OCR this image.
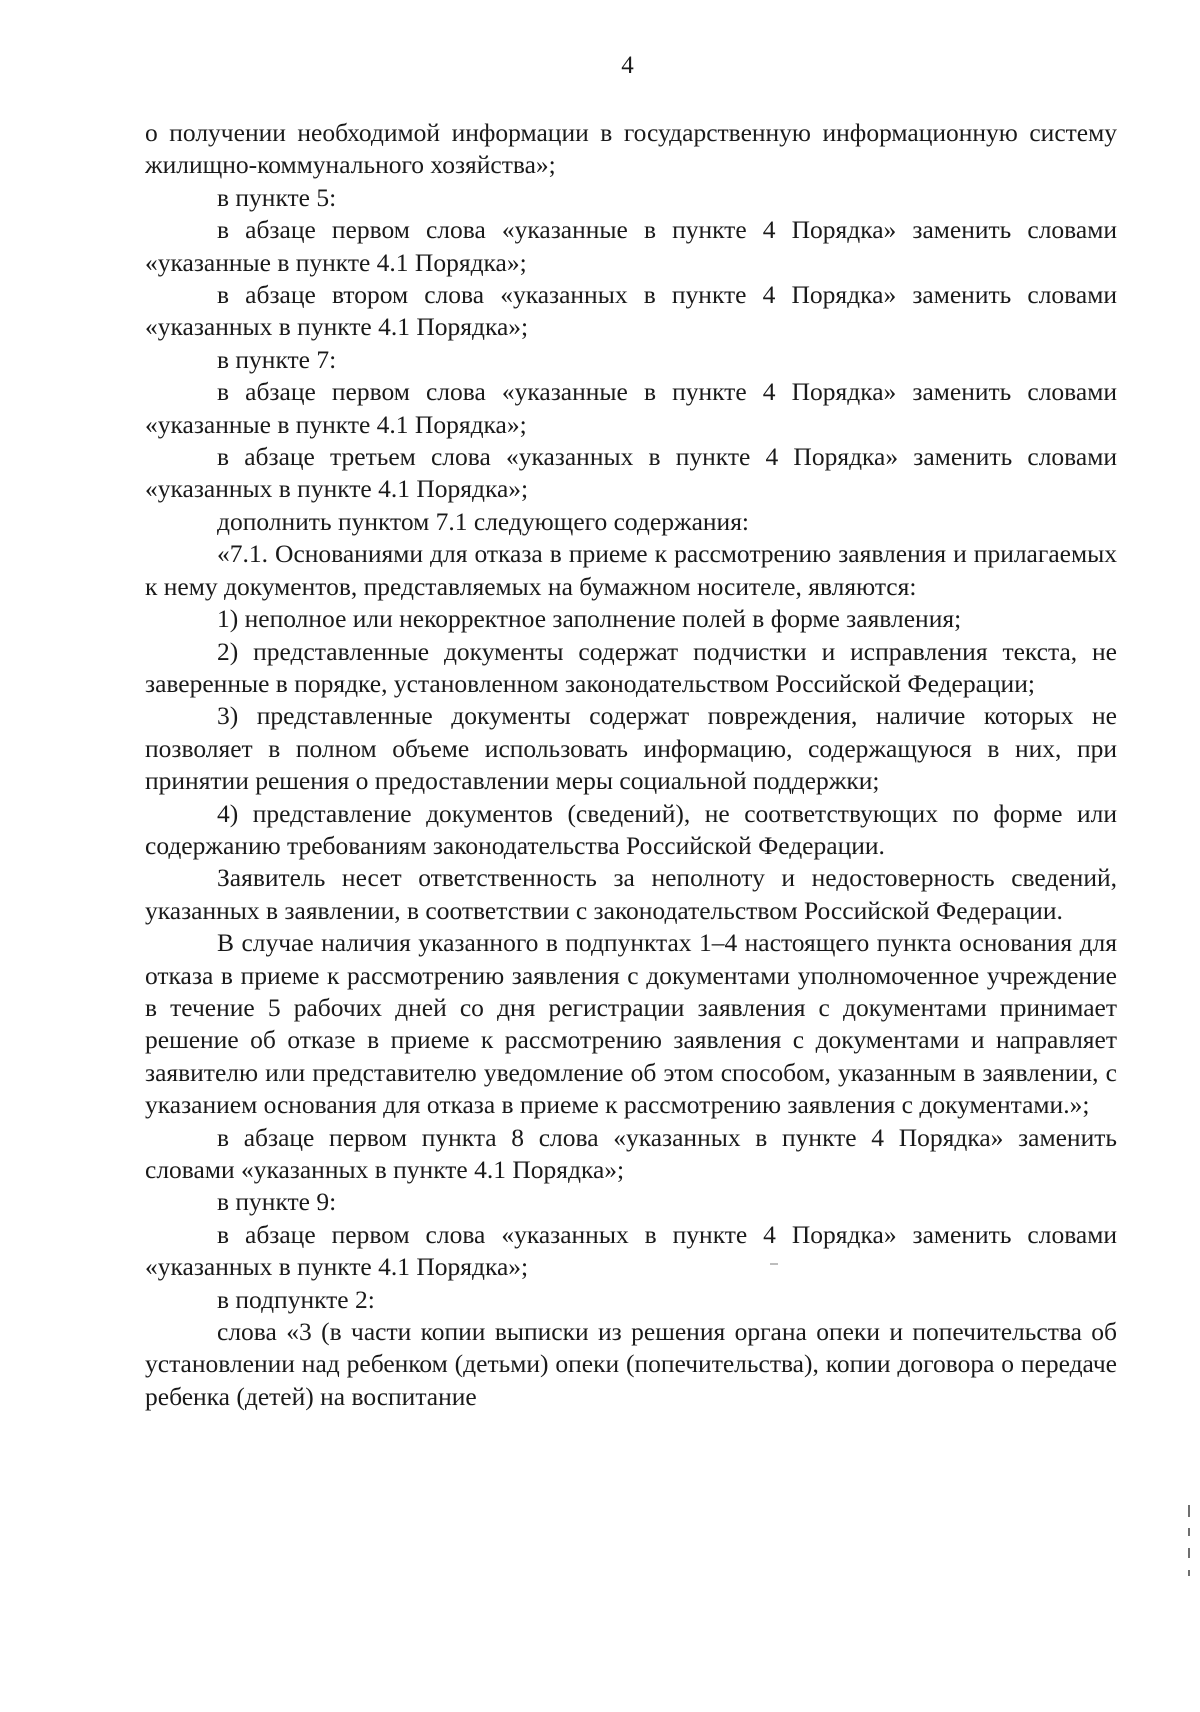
4

о получении необходимой информации в государственную информационную систему жилищно-коммунального хозяйства»;

в пункте 5:

в абзаце первом слова «указанные в пункте 4 Порядка» заменить словами «указанные в пункте 4.1 Порядка»;

в абзаце втором слова «указанных в пункте 4 Порядка» заменить словами «указанных в пункте 4.1 Порядка»;

в пункте 7:

в абзаце первом слова «указанные в пункте 4 Порядка» заменить словами «указанные в пункте 4.1 Порядка»;

в абзаце третьем слова «указанных в пункте 4 Порядка» заменить словами «указанных в пункте 4.1 Порядка»;

дополнить пунктом 7.1 следующего содержания:

«7.1. Основаниями для отказа в приеме к рассмотрению заявления и прилагаемых к нему документов, представляемых на бумажном носителе, являются:

1) неполное или некорректное заполнение полей в форме заявления;

2) представленные документы содержат подчистки и исправления текста, не заверенные в порядке, установленном законодательством Российской Федерации;

3) представленные документы содержат повреждения, наличие которых не позволяет в полном объеме использовать информацию, содержащуюся в них, при принятии решения о предоставлении меры социальной поддержки;

4) представление документов (сведений), не соответствующих по форме или содержанию требованиям законодательства Российской Федерации.

Заявитель несет ответственность за неполноту и недостоверность сведений, указанных в заявлении, в соответствии с законодательством Российской Федерации.

В случае наличия указанного в подпунктах 1–4 настоящего пункта основания для отказа в приеме к рассмотрению заявления с документами уполномоченное учреждение в течение 5 рабочих дней со дня регистрации заявления с документами принимает решение об отказе в приеме к рассмотрению заявления с документами и направляет заявителю или представителю уведомление об этом способом, указанным в заявлении, с указанием основания для отказа в приеме к рассмотрению заявления с документами.»;

в абзаце первом пункта 8 слова «указанных в пункте 4 Порядка» заменить словами «указанных в пункте 4.1 Порядка»;

в пункте 9:

в абзаце первом слова «указанных в пункте 4 Порядка» заменить словами «указанных в пункте 4.1 Порядка»;

в подпункте 2:

слова «3 (в части копии выписки из решения органа опеки и попечительства об установлении над ребенком (детьми) опеки (попечительства), копии договора о передаче ребенка (детей) на воспитание
